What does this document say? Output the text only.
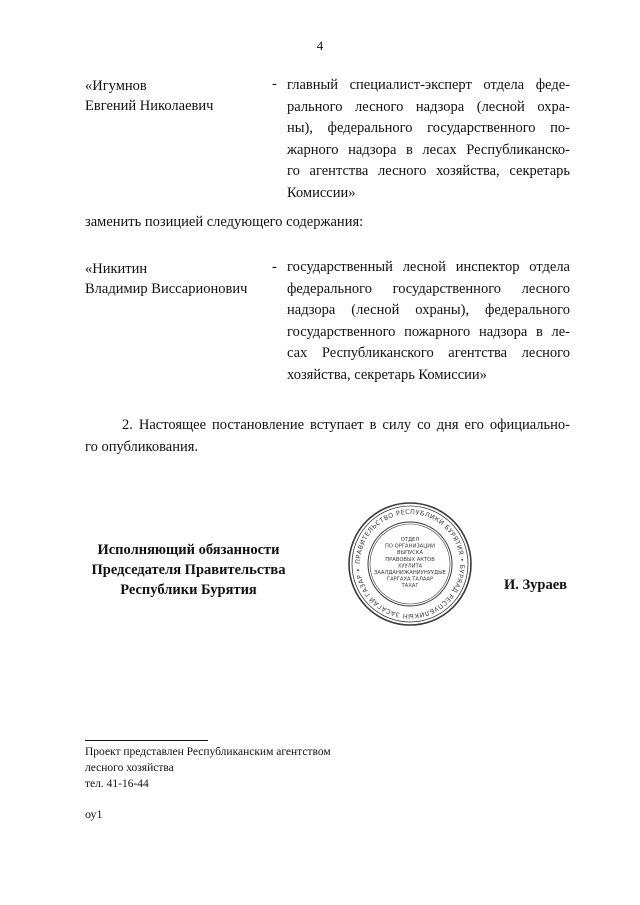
4
«Игумнов
Евгений Николаевич
- главный специалист-эксперт отдела феде-
рального лесного надзора (лесной охра-
ны), федерального государственного по-
жарного надзора в лесах Республиканско-
го агентства лесного хозяйства, секретарь
Комиссии»
заменить позицией следующего содержания:
«Никитин
Владимир Виссарионович
- государственный лесной инспектор отдела
федерального государственного лесного
надзора (лесной охраны), федерального
государственного пожарного надзора в ле-
сах Республиканского агентства лесного
хозяйства, секретарь Комиссии»
2. Настоящее постановление вступает в силу со дня его официально-
го опубликования.
Исполняющий обязанности
Председателя Правительства
Республики Бурятия
ПРАВИТЕЛЬСТВО РЕСПУБЛИКИ БУРЯТИЯ • БУРЯАД РЕСПУБЛИКЫН ЗАСАГАЙ ГАЗАР •
ОТДЕЛ
ПО ОРГАНИЗАЦИИ
ВЫПУСКА
ПРАВОВЫХ АКТОВ
ХУУЛИТА
ЗААЛДАНИЖАНИУНУУДЫЕ
ГАРГАХА ТАЛААР
ТАХАГ	И. Зураев
Проект представлен Республиканским агентством
лесного хозяйства
тел. 41-16-44
оу1
